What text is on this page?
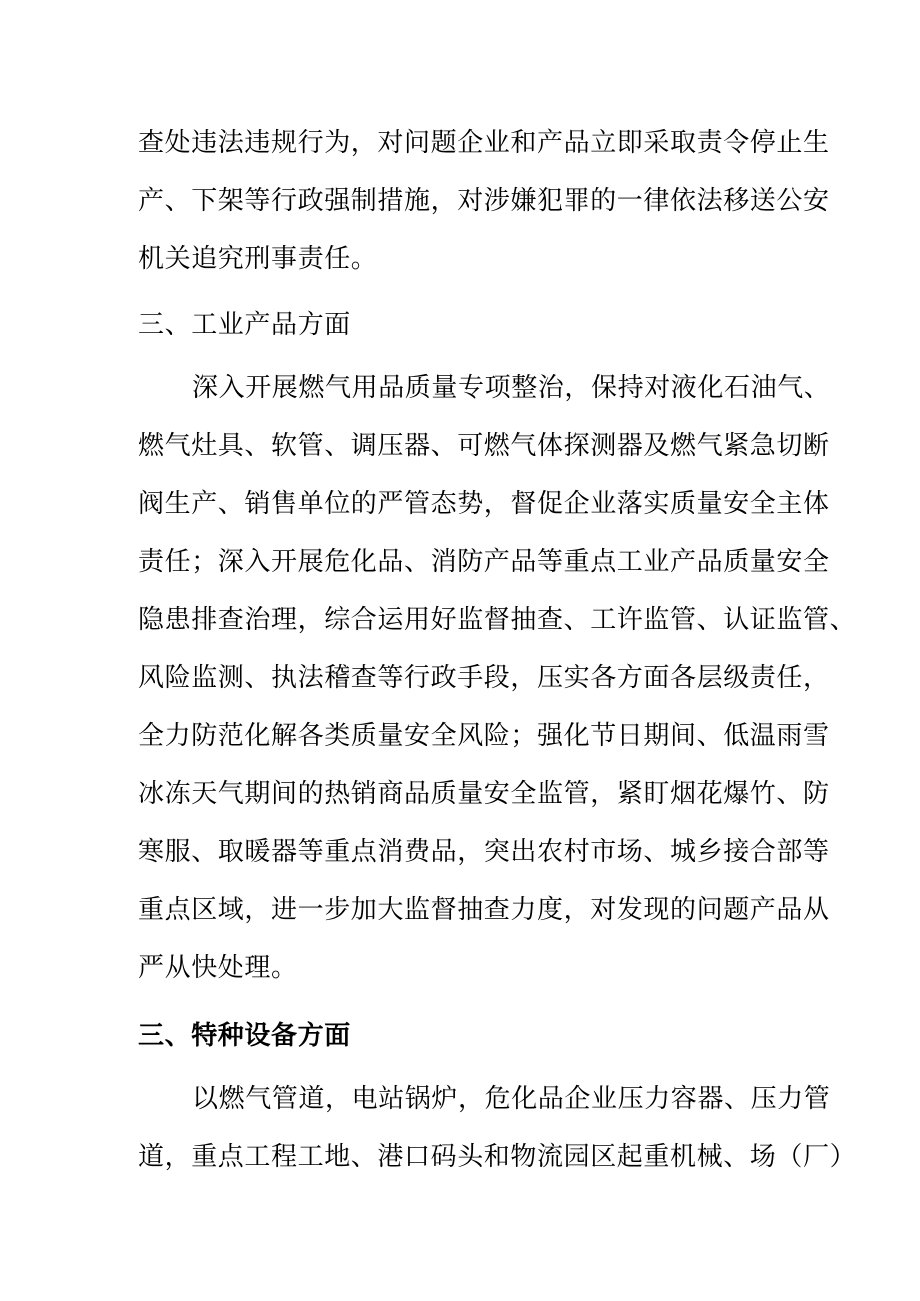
查处违法违规行为，对问题企业和产品立即采取责令停止生
产、下架等行政强制措施，对涉嫌犯罪的一律依法移送公安
机关追究刑事责任。
三、工业产品方面
深入开展燃气用品质量专项整治，保持对液化石油气、
燃气灶具、软管、调压器、可燃气体探测器及燃气紧急切断
阀生产、销售单位的严管态势，督促企业落实质量安全主体
责任；深入开展危化品、消防产品等重点工业产品质量安全
隐患排查治理，综合运用好监督抽查、工许监管、认证监管、
风险监测、执法稽查等行政手段，压实各方面各层级责任，
全力防范化解各类质量安全风险；强化节日期间、低温雨雪
冰冻天气期间的热销商品质量安全监管，紧盯烟花爆竹、防
寒服、取暖器等重点消费品，突出农村市场、城乡接合部等
重点区域，进一步加大监督抽查力度，对发现的问题产品从
严从快处理。
三、特种设备方面
以燃气管道，电站锅炉，危化品企业压力容器、压力管
道，重点工程工地、港口码头和物流园区起重机械、场（厂）
